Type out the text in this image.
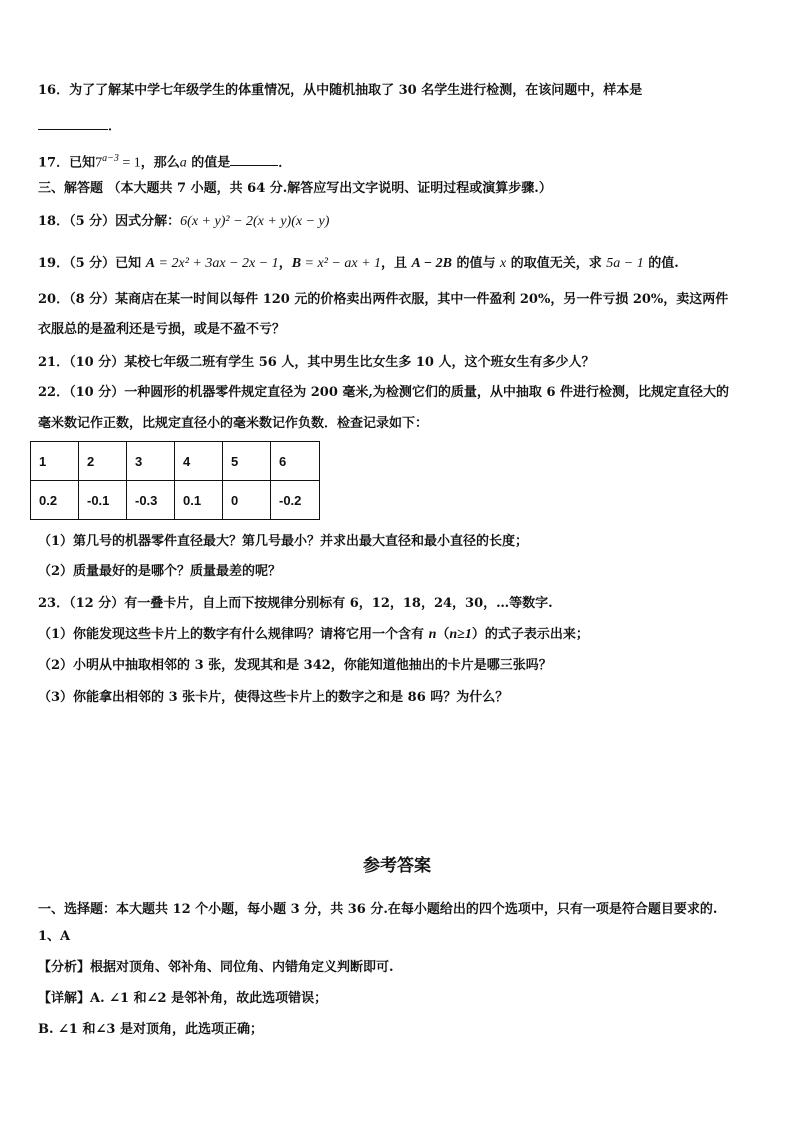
16．为了了解某中学七年级学生的体重情况，从中随机抽取了 30 名学生进行检测，在该问题中，样本是
．
17．已知$7^{a-3} = 1$，那么a 的值是	．
三、解答题 （本大题共 7 小题，共 64 分.解答应写出文字说明、证明过程或演算步骤.）
18．（5 分）因式分解：6(x + y)² − 2(x + y)(x − y)
19．（5 分）已知 A = 2x² + 3ax − 2x − 1，B = x² − ax + 1，且 A − 2B 的值与 x 的取值无关，求 5a − 1 的值.
20．（8 分）某商店在某一时间以每件 120 元的价格卖出两件衣服，其中一件盈利 20%，另一件亏损 20%，卖这两件
衣服总的是盈利还是亏损，或是不盈不亏？
21．（10 分）某校七年级二班有学生 56 人，其中男生比女生多 10 人，这个班女生有多少人？
22．（10 分）一种圆形的机器零件规定直径为 200 毫米,为检测它们的质量，从中抽取 6 件进行检测，比规定直径大的
毫米数记作正数，比规定直径小的毫米数记作负数．检查记录如下：
1	2	3	4	5	6
0.2	-0.1	-0.3	0.1	0	-0.2
（1）第几号的机器零件直径最大？第几号最小？并求出最大直径和最小直径的长度；
（2）质量最好的是哪个？质量最差的呢？
23．（12 分）有一叠卡片，自上而下按规律分别标有 6，12，18，24，30，…等数字.
（1）你能发现这些卡片上的数字有什么规律吗？请将它用一个含有 n（n≥1）的式子表示出来；
（2）小明从中抽取相邻的 3 张，发现其和是 342，你能知道他抽出的卡片是哪三张吗？
（3）你能拿出相邻的 3 张卡片，使得这些卡片上的数字之和是 86 吗？为什么？
参考答案
一、选择题：本大题共 12 个小题，每小题 3 分，共 36 分.在每小题给出的四个选项中，只有一项是符合题目要求的.
1、A
【分析】根据对顶角、邻补角、同位角、内错角定义判断即可.
【详解】A. ∠1 和∠2 是邻补角，故此选项错误；
B. ∠1 和∠3 是对顶角，此选项正确；
